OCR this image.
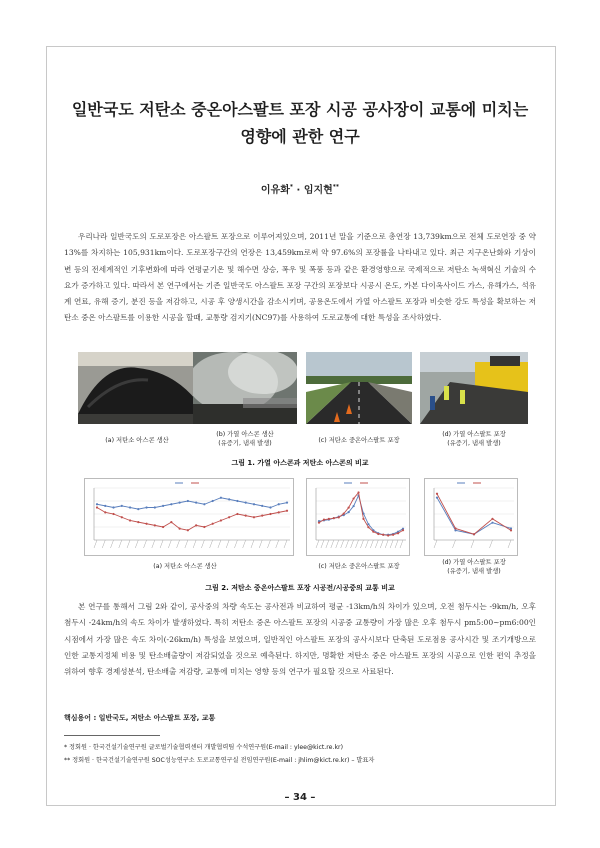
일반국도 저탄소 중온아스팔트 포장 시공 공사장이 교통에 미치는
영향에 관한 연구
이유화* · 임지현**
우리나라 일반국도의 도로포장은 아스팔트 포장으로 이루어져있으며, 2011년 말을 기준으로 총연장 13,739km으로 전체 도로연장 중 약 13%를 차지하는 105,931km이다. 도로포장구간의 연장은 13,459km로써 약 97.6%의 포장률을 나타내고 있다. 최근 지구온난화와 기상이변 등의 전세계적인 기후변화에 따라 연평균기온 및 해수면 상승, 폭우 및 폭풍 등과 같은 환경영향으로 국제적으로 저탄소 녹색혁신 기술의 수요가 증가하고 있다. 따라서 본 연구에서는 기존 일반국도 아스팔트 포장 구간의 포장보다 시공시 온도, 카본 다이옥사이드 가스, 유해가스, 석유계 연료, 유해 증기, 분진 등을 저감하고, 시공 후 양생시간을 감소시키며, 공용온도에서 가열 아스팔트 포장과 비슷한 강도 특성을 확보하는 저탄소 중온 아스팔트를 이용한 시공을 할때, 교통량 검지기(NC97)를 사용하여 도로교통에 대한 특성을 조사하였다.
(a) 저탄소 아스콘 생산
(b) 가열 아스콘 생산
(유증기, 냄새 발생)	(c) 저탄소 중온아스팔트 포장
(d) 가열 아스팔트 포장
(유증기, 냄새 발생)
그림 1. 가열 아스콘과 저탄소 아스콘의 비교
(a) 저탄소 아스콘 생산	(c) 저탄소 중온아스팔트 포장
(d) 가열 아스팔트 포장
(유증기, 냄새 발생)
그림 2. 저탄소 중온아스팔트 포장 시공전/시공중의 교통 비교
본 연구를 통해서 그림 2와 같이, 공사중의 차량 속도는 공사전과 비교하여 평균 -13km/h의 차이가 있으며, 오전 첨두시는 -9km/h, 오후 첨두시 -24km/h의 속도 차이가 발생하였다. 특히 저탄소 중온 아스팔트 포장의 시공중 교통량이 가장 많은 오후 첨두시 pm5:00~pm6:00인 시점에서 가장 많은 속도 차이(-26km/h) 특성을 보였으며, 일반적인 아스팔트 포장의 공사시보다 단축된 도로점용 공사시간 및 조기개방으로 인한 교통지정체 비용 및 탄소배출량이 저감되었을 것으로 예측된다. 하지만, 명확한 저탄소 중온 아스팔트 포장의 시공으로 인한 편익 추정을 위하여 향후 경제성분석, 탄소배출 저감량, 교통에 미치는 영향 등의 연구가 필요할 것으로 사료된다.
핵심용어 : 일반국도, 저탄소 아스팔트 포장, 교통
* 정회원 · 한국건설기술연구원 글로벌기술협력센터 개발협력팀 수석연구원(E-mail : ylee@kict.re.kr)
** 정회원 · 한국건설기술연구원 SOC성능연구소 도로교통연구실 전임연구원(E-mail : jhlim@kict.re.kr) – 발표자
– 34 –
